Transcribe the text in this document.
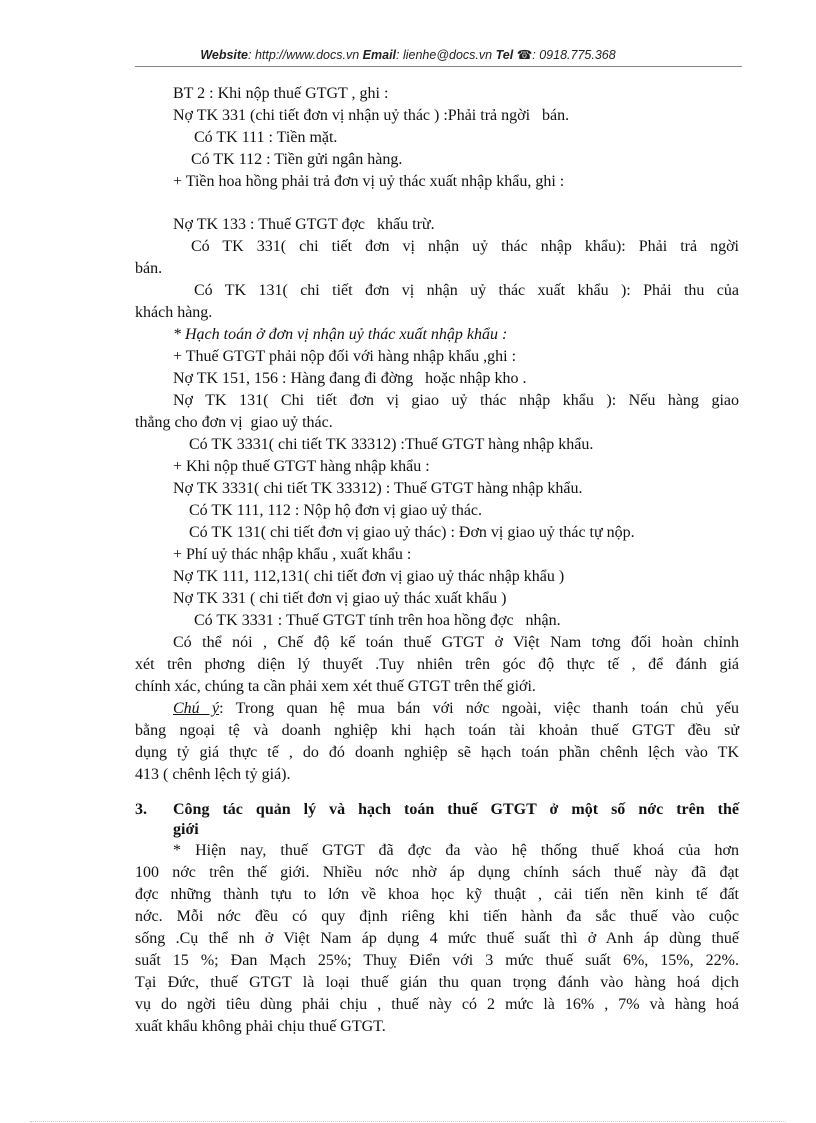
Website: http://www.docs.vn Email: lienhe@docs.vn Tel ☎: 0918.775.368
BT 2 : Khi nộp thuế GTGT , ghi :
Nợ TK 331 (chi tiết đơn vị nhận uỷ thác ) :Phải trả ngời   bán.
Có TK 111 : Tiền mặt.
Có TK 112 : Tiền gửi ngân hàng.
+ Tiền hoa hồng phải trả đơn vị uỷ thác xuất nhập khẩu, ghi :
Nợ TK 133 : Thuế GTGT đợc   khấu trừ.
Có TK 331( chi tiết đơn vị nhận uỷ thác nhập khẩu): Phải trả ngời
bán.
Có TK 131( chi tiết đơn vị nhận uỷ thác xuất khẩu ): Phải thu của
khách hàng.
* Hạch toán ở đơn vị nhận uỷ thác xuất nhập khẩu :
+ Thuế GTGT phải nộp đối với hàng nhập khẩu ,ghi :
Nợ TK 151, 156 : Hàng đang đi đờng   hoặc nhập kho .
Nợ TK 131( Chi tiết đơn vị giao uỷ thác nhập khẩu ): Nếu hàng giao
thẳng cho đơn vị  giao uỷ thác.
Có TK 3331( chi tiết TK 33312) :Thuế GTGT hàng nhập khẩu.
+ Khi nộp thuế GTGT hàng nhập khẩu :
Nợ TK 3331( chi tiết TK 33312) : Thuế GTGT hàng nhập khẩu.
Có TK 111, 112 : Nộp hộ đơn vị giao uỷ thác.
Có TK 131( chi tiết đơn vị giao uỷ thác) : Đơn vị giao uỷ thác tự nộp.
+ Phí uỷ thác nhập khẩu , xuất khẩu :
Nợ TK 111, 112,131( chi tiết đơn vị giao uỷ thác nhập khẩu )
Nợ TK 331 ( chi tiết đơn vị giao uỷ thác xuất khẩu )
Có TK 3331 : Thuế GTGT tính trên hoa hồng đợc   nhận.
Có thể nói , Chế độ kế toán thuế GTGT ở Việt Nam tơng đối hoàn chỉnh
xét trên phơng diện lý thuyết .Tuy nhiên trên góc độ thực tế , để đánh giá
chính xác, chúng ta cần phải xem xét thuế GTGT trên thế giới.
Chú ý: Trong quan hệ mua bán với nớc ngoài, việc thanh toán chủ yếu
bằng ngoại tệ và doanh nghiệp khi hạch toán tài khoản thuế GTGT đều sử
dụng tỷ giá thực tế , do đó doanh nghiệp sẽ hạch toán phần chênh lệch vào TK
413 ( chênh lệch tỷ giá).
3. Công tác quản lý và hạch toán thuế GTGT ở một số nớc trên thế
giới
* Hiện nay, thuế GTGT đã đợc đa vào hệ thống thuế khoá của hơn
100 nớc trên thế giới. Nhiều nớc nhờ áp dụng chính sách thuế này đã đạt
đợc những thành tựu to lớn về khoa học kỹ thuật , cải tiến nền kinh tế đất
nớc. Mỗi nớc đều có quy định riêng khi tiến hành đa sắc thuế vào cuộc
sống .Cụ thể nh ở Việt Nam áp dụng 4 mức thuế suất thì ở Anh áp dùng thuế
suất 15 %; Đan Mạch 25%; Thuỵ Điển với 3 mức thuế suất 6%, 15%, 22%.
Tại Đức, thuế GTGT là loại thuế gián thu quan trọng đánh vào hàng hoá dịch
vụ do ngời tiêu dùng phải chịu , thuế này có 2 mức là 16% , 7% và hàng hoá
xuất khẩu không phải chịu thuế GTGT.
